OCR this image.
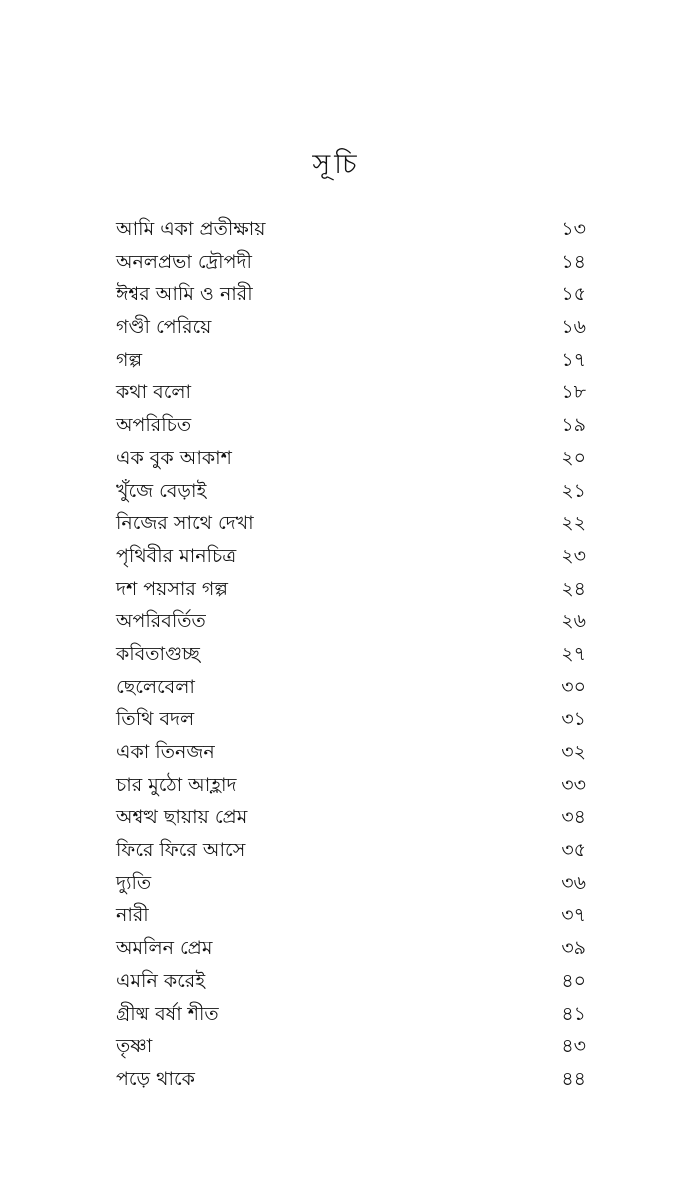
সূচি
আমি একা প্রতীক্ষায়	১৩
অনলপ্রভা দ্রৌপদী	১৪
ঈশ্বর আমি ও নারী	১৫
গণ্ডী পেরিয়ে	১৬
গল্প	১৭
কথা বলো	১৮
অপরিচিত	১৯
এক বুক আকাশ	২০
খুঁজে বেড়াই	২১
নিজের সাথে দেখা	২২
পৃথিবীর মানচিত্র	২৩
দশ পয়সার গল্প	২৪
অপরিবর্তিত	২৬
কবিতাগুচ্ছ	২৭
ছেলেবেলা	৩০
তিথি বদল	৩১
একা তিনজন	৩২
চার মুঠো আহ্লাদ	৩৩
অশ্বত্থ ছায়ায় প্রেম	৩৪
ফিরে ফিরে আসে	৩৫
দ্যুতি	৩৬
নারী	৩৭
অমলিন প্রেম	৩৯
এমনি করেই	৪০
গ্রীষ্ম বর্ষা শীত	৪১
তৃষ্ণা	৪৩
পড়ে থাকে	৪৪
